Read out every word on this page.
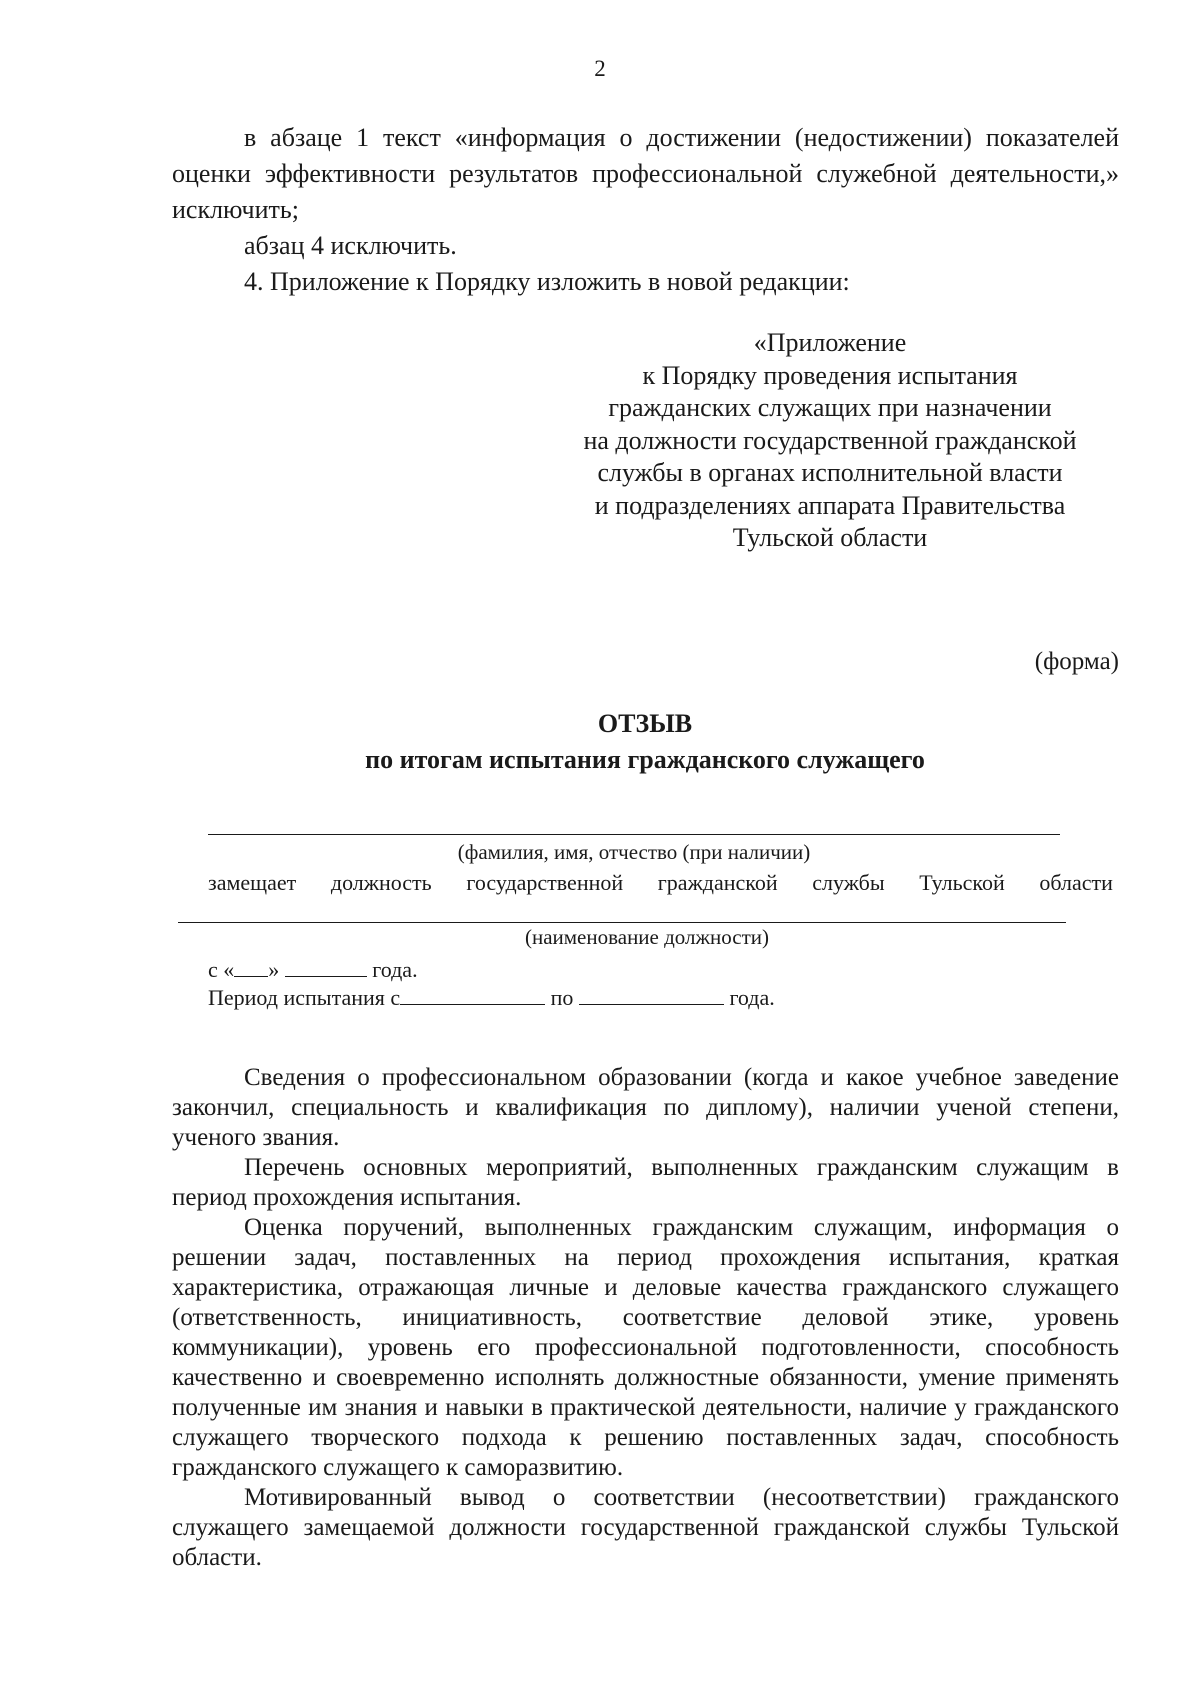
2

в абзаце 1 текст «информация о достижении (недостижении) показателей оценки эффективности результатов профессиональной служебной деятельности,» исключить;

абзац 4 исключить.

4. Приложение к Порядку изложить в новой редакции:

«Приложение
к Порядку проведения испытания
гражданских служащих при назначении
на должности государственной гражданской
службы в органах исполнительной власти
и подразделениях аппарата Правительства
Тульской области
(форма)
ОТЗЫВ
по итогам испытания гражданского служащего
(фамилия, имя, отчество (при наличии)
замещает должность государственной гражданской службы Тульской области
(наименование должности)
с « »	года.
Период испытания с	по	года.

Сведения о профессиональном образовании (когда и какое учебное заведение закончил, специальность и квалификация по диплому), наличии ученой степени, ученого звания.

Перечень основных мероприятий, выполненных гражданским служащим в период прохождения испытания.

Оценка поручений, выполненных гражданским служащим, информация о решении задач, поставленных на период прохождения испытания, краткая характеристика, отражающая личные и деловые качества гражданского служащего (ответственность, инициативность, соответствие деловой этике, уровень коммуникации), уровень его профессиональной подготовленности, способность качественно и своевременно исполнять должностные обязанности, умение применять полученные им знания и навыки в практической деятельности, наличие у гражданского служащего творческого подхода к решению поставленных задач, способность гражданского служащего к саморазвитию.

Мотивированный вывод о соответствии (несоответствии) гражданского служащего замещаемой должности государственной гражданской службы Тульской области.
